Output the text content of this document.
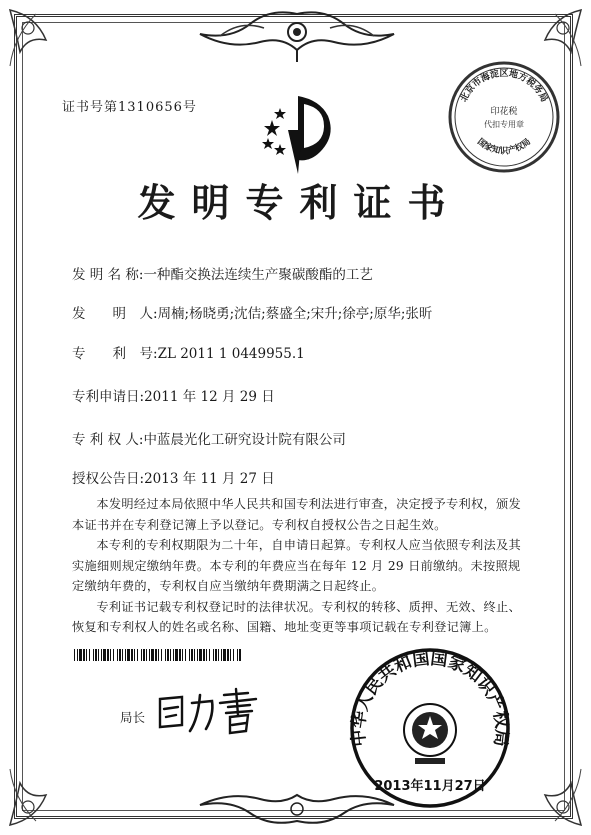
证书号第1310656号
北京市海淀区地方税务局
印花税
代扣专用章
国家知识产权局
发明专利证书
发 明 名 称:一种酯交换法连续生产聚碳酸酯的工艺
发　　明　人:周楠;杨晓勇;沈佶;蔡盛全;宋升;徐亭;原华;张昕
专　　利　号:ZL 2011 1 0449955.1
专利申请日:2011 年 12 月 29 日
专 利 权 人:中蓝晨光化工研究设计院有限公司
授权公告日:2013 年 11 月 27 日

本发明经过本局依照中华人民共和国专利法进行审查，决定授予专利权，颁发本证书并在专利登记簿上予以登记。专利权自授权公告之日起生效。

本专利的专利权期限为二十年，自申请日起算。专利权人应当依照专利法及其实施细则规定缴纳年费。本专利的年费应当在每年 12 月 29 日前缴纳。未按照规定缴纳年费的，专利权自应当缴纳年费期满之日起终止。

专利证书记载专利权登记时的法律状况。专利权的转移、质押、无效、终止、恢复和专利权人的姓名或名称、国籍、地址变更等事项记载在专利登记簿上。

局长
中华人民共和国国家知识产权局
2013年11月27日
